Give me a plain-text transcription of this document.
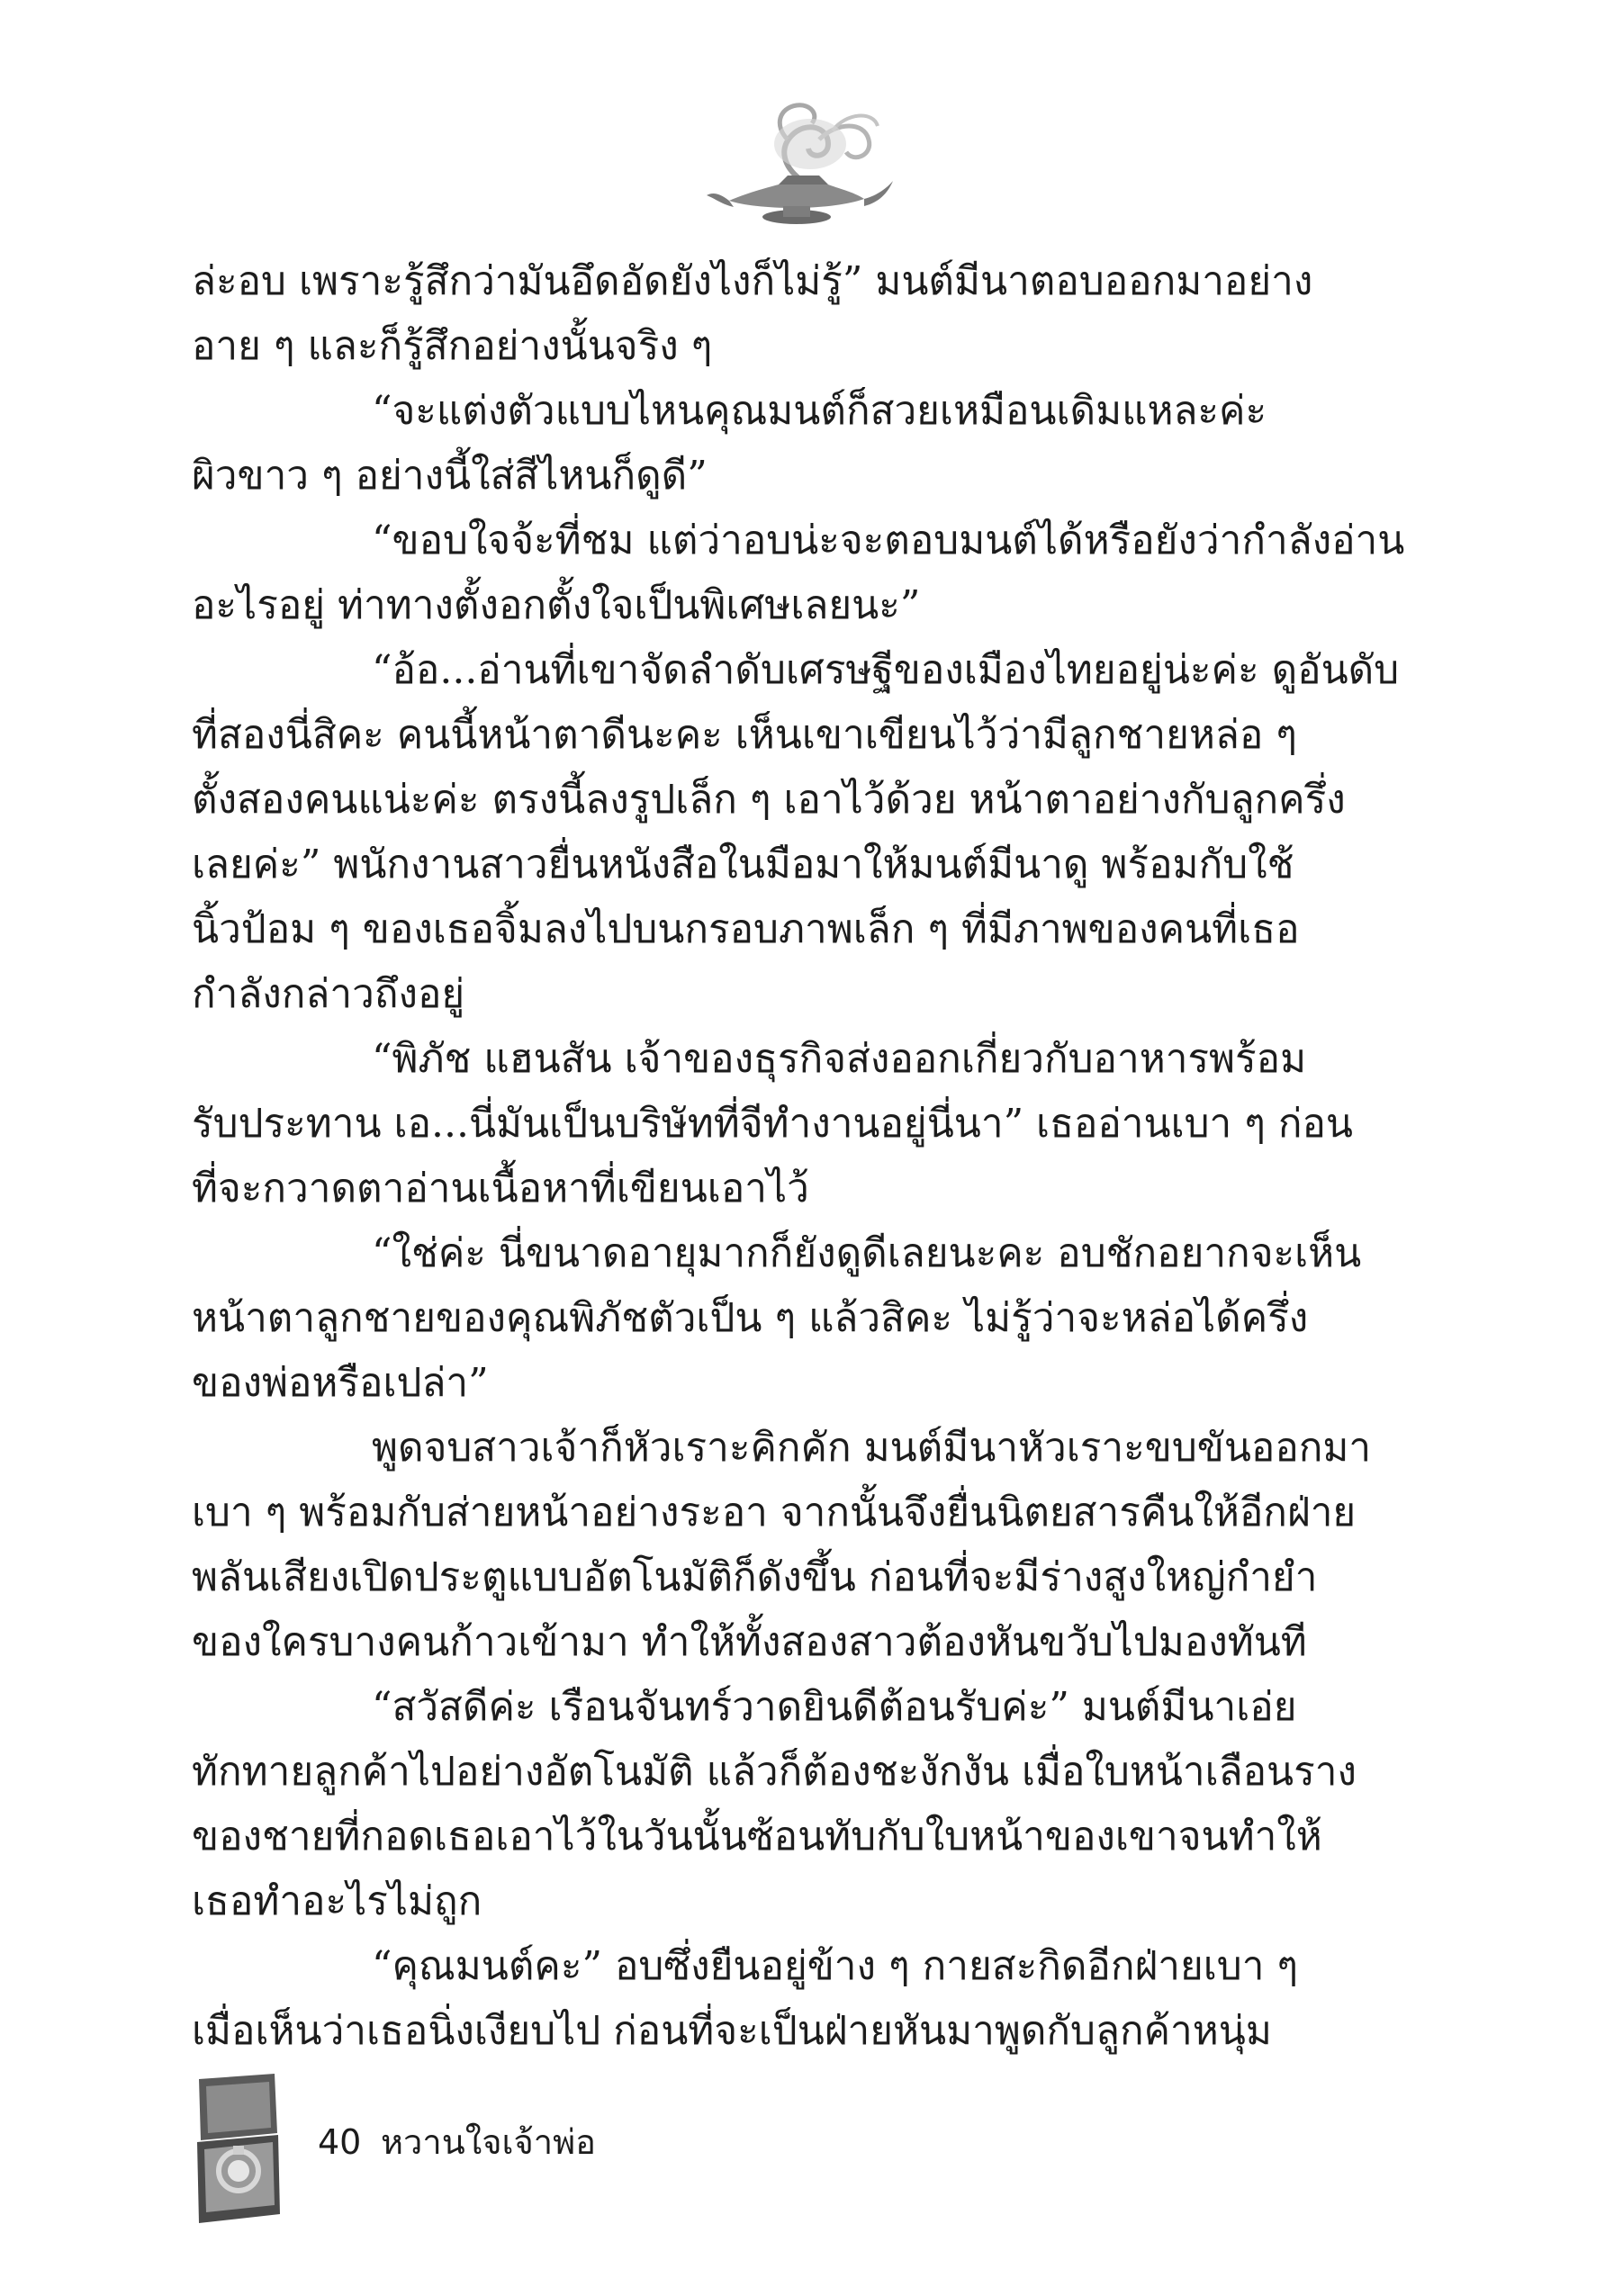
ล่ะอบ เพราะรู้สึกว่ามันอึดอัดยังไงก็ไม่รู้” มนต์มีนาตอบออกมาอย่าง
อาย ๆ และก็รู้สึกอย่างนั้นจริง ๆ
“จะแต่งตัวแบบไหนคุณมนต์ก็สวยเหมือนเดิมแหละค่ะ
ผิวขาว ๆ อย่างนี้ใส่สีไหนก็ดูดี”
“ขอบใจจ้ะที่ชม แต่ว่าอบน่ะจะตอบมนต์ได้หรือยังว่ากำลังอ่าน
อะไรอยู่ ท่าทางตั้งอกตั้งใจเป็นพิเศษเลยนะ”
“อ้อ...อ่านที่เขาจัดลำดับเศรษฐีของเมืองไทยอยู่น่ะค่ะ ดูอันดับ
ที่สองนี่สิคะ คนนี้หน้าตาดีนะคะ เห็นเขาเขียนไว้ว่ามีลูกชายหล่อ ๆ
ตั้งสองคนแน่ะค่ะ ตรงนี้ลงรูปเล็ก ๆ เอาไว้ด้วย หน้าตาอย่างกับลูกครึ่ง
เลยค่ะ” พนักงานสาวยื่นหนังสือในมือมาให้มนต์มีนาดู พร้อมกับใช้
นิ้วป้อม ๆ ของเธอจิ้มลงไปบนกรอบภาพเล็ก ๆ ที่มีภาพของคนที่เธอ
กำลังกล่าวถึงอยู่
“พิภัช แฮนสัน เจ้าของธุรกิจส่งออกเกี่ยวกับอาหารพร้อม
รับประทาน เอ...นี่มันเป็นบริษัทที่จีทำงานอยู่นี่นา” เธออ่านเบา ๆ ก่อน
ที่จะกวาดตาอ่านเนื้อหาที่เขียนเอาไว้
“ใช่ค่ะ นี่ขนาดอายุมากก็ยังดูดีเลยนะคะ อบชักอยากจะเห็น
หน้าตาลูกชายของคุณพิภัชตัวเป็น ๆ แล้วสิคะ ไม่รู้ว่าจะหล่อได้ครึ่ง
ของพ่อหรือเปล่า”
พูดจบสาวเจ้าก็หัวเราะคิกคัก มนต์มีนาหัวเราะขบขันออกมา
เบา ๆ พร้อมกับส่ายหน้าอย่างระอา จากนั้นจึงยื่นนิตยสารคืนให้อีกฝ่าย
พลันเสียงเปิดประตูแบบอัตโนมัติก็ดังขึ้น ก่อนที่จะมีร่างสูงใหญ่กำยำ
ของใครบางคนก้าวเข้ามา ทำให้ทั้งสองสาวต้องหันขวับไปมองทันที
“สวัสดีค่ะ เรือนจันทร์วาดยินดีต้อนรับค่ะ” มนต์มีนาเอ่ย
ทักทายลูกค้าไปอย่างอัตโนมัติ แล้วก็ต้องชะงักงัน เมื่อใบหน้าเลือนราง
ของชายที่กอดเธอเอาไว้ในวันนั้นซ้อนทับกับใบหน้าของเขาจนทำให้
เธอทำอะไรไม่ถูก
“คุณมนต์คะ” อบซึ่งยืนอยู่ข้าง ๆ กายสะกิดอีกฝ่ายเบา ๆ
เมื่อเห็นว่าเธอนิ่งเงียบไป ก่อนที่จะเป็นฝ่ายหันมาพูดกับลูกค้าหนุ่ม
40 หวานใจเจ้าพ่อ
